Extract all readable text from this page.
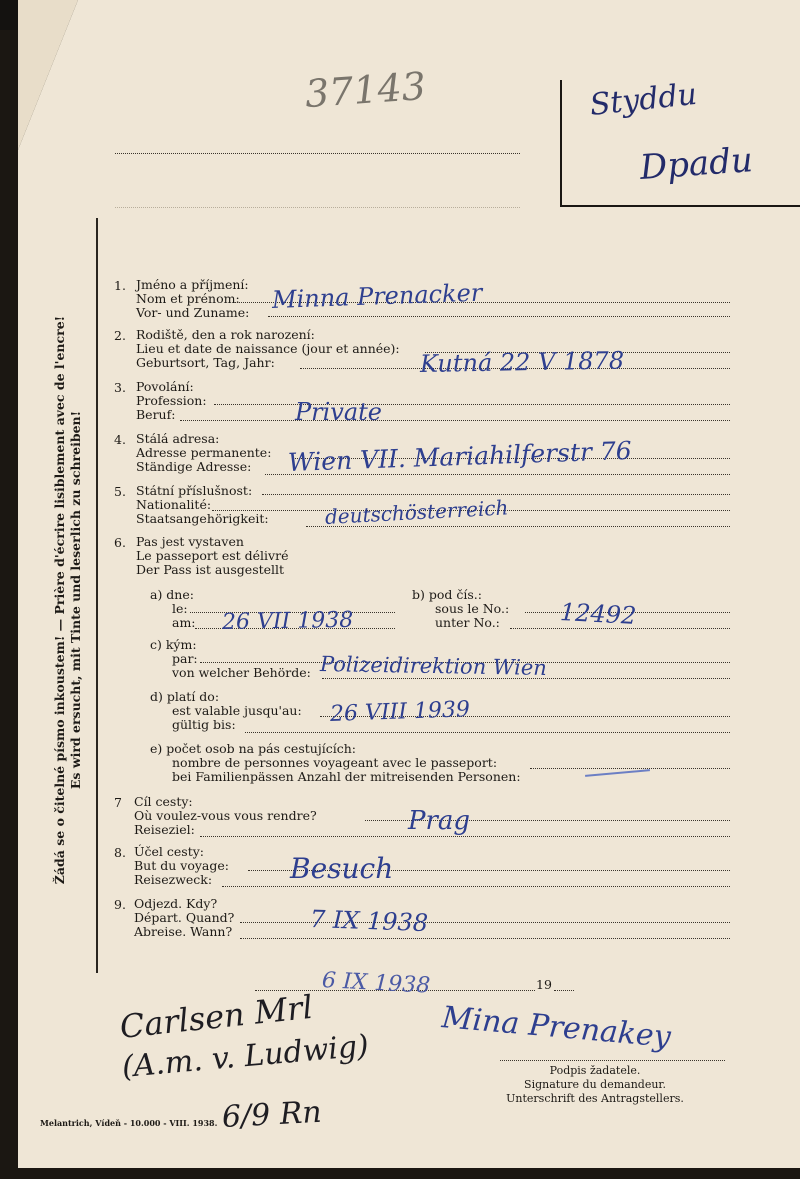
37143	Styddu
Dpadu
Žádá se o čitelné písmo inkoustem! — Prière d'écrire lisiblement avec de l'encre! Es wird ersucht, mit Tinte und leserlich zu schreiben!
1. Jméno a příjmení:
Nom et prénom:
Vor- und Zuname: Minna Prenacker
2. Rodiště, den a rok narození:
Lieu et date de naissance (jour et année):
Geburtsort, Tag, Jahr:	Kutná 22 V 1878
3. Povolání:
Profession:
Beruf:	Private
4. Stálá adresa:
Adresse permanente:
Ständige Adresse: Wien VII. Mariahilferstr 76
5. Státní příslušnost:
Nationalité:
Staatsangehörigkeit:	deutschösterreich
6. Pas jest vystaven
Le passeport est délivré
Der Pass ist ausgestellt
a) dne:
le:
am: 26 VII 1938
b) pod čís.:
sous le No.:
unter No.: 12492
c) kým:
par:
von welcher Behörde: Polizeidirektion Wien
d) platí do:
est valable jusqu'au:
gültig bis:	26 VIII 1939
e) počet osob na pás cestujících:
nombre de personnes voyageant avec le passeport:
bei Familienpässen Anzahl der mitreisenden Personen:
7 Cíl cesty:
Où voulez-vous vous rendre?
Reiseziel:	Prag
8. Účel cesty:
But du voyage:
Reisezweck:	Besuch
9. Odjezd. Kdy?
Départ. Quand?
Abreise. Wann?	7 IX 1938
19
6 IX 1938
Mina Prenakey
Podpis žadatele.
Signature du demandeur.
Unterschrift des Antragstellers.
Carlsen Mrl
(A.m. v. Ludwig)
6/9 Rn
Melantrich, Vídeň - 10.000 - VIII. 1938.
